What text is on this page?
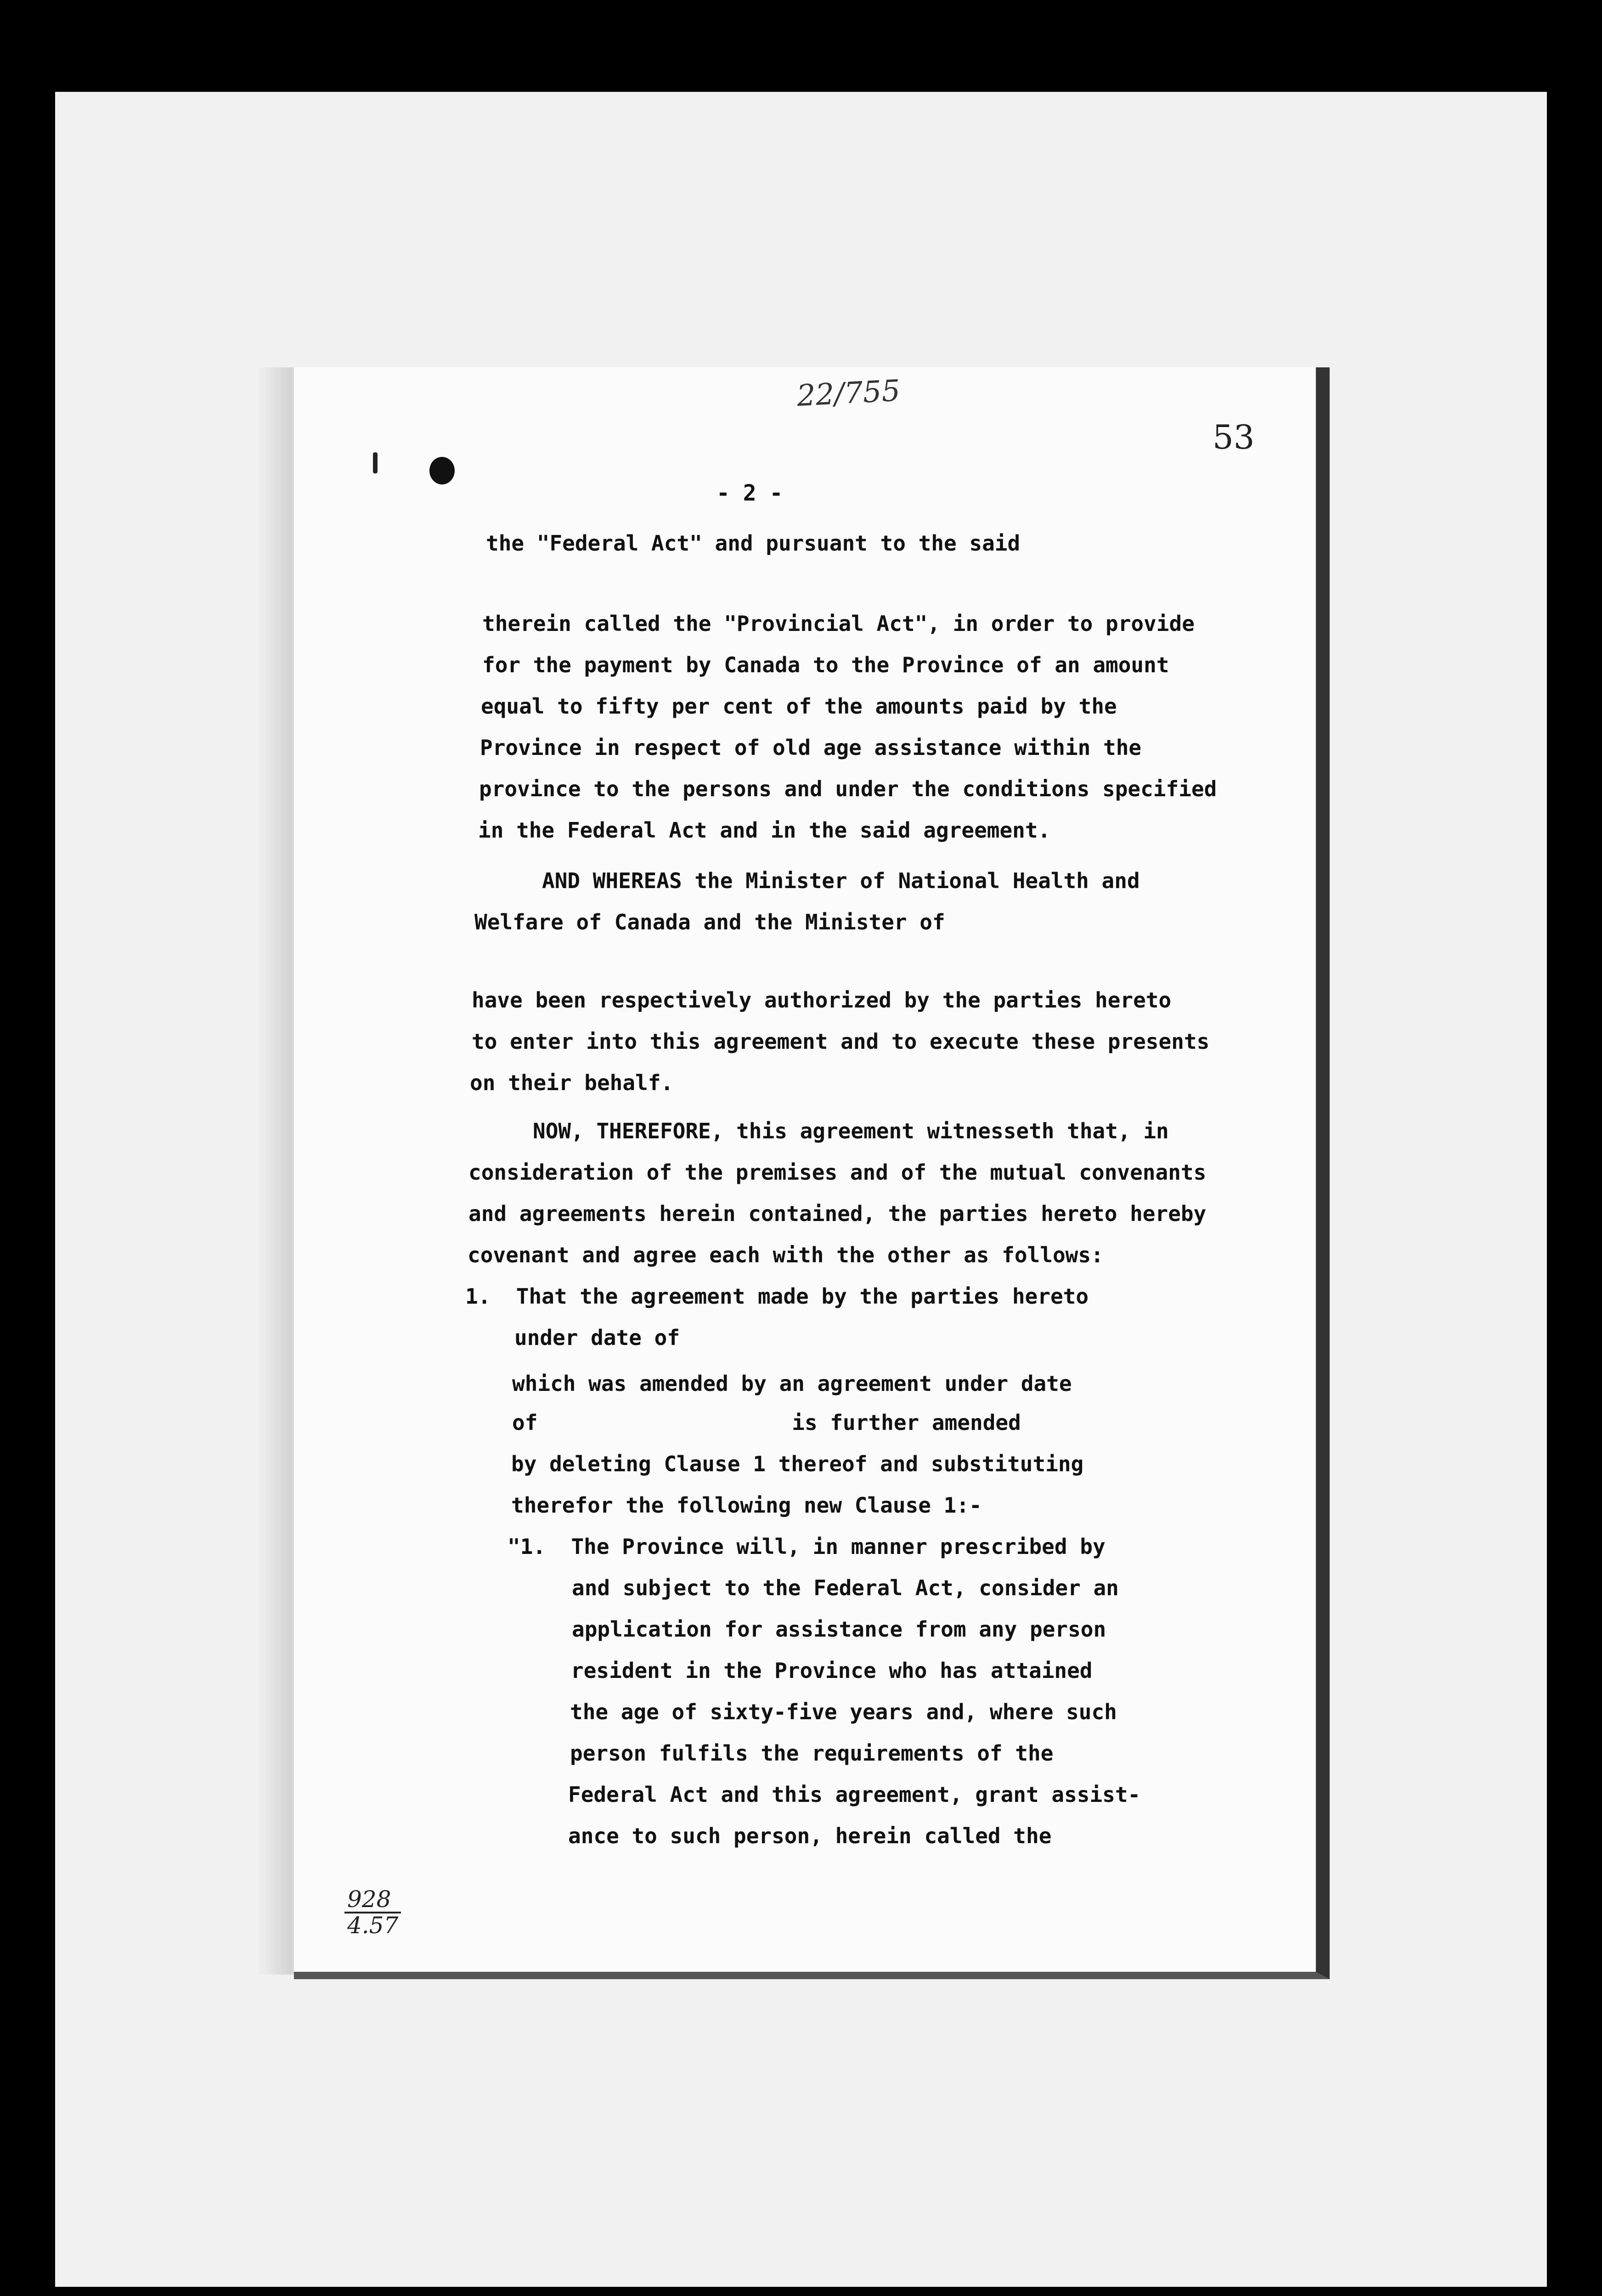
22/755
53
- 2 -
the "Federal Act" and pursuant to the said
therein called the "Provincial Act", in order to provide
for the payment by Canada to the Province of an amount
equal to fifty per cent of the amounts paid by the
Province in respect of old age assistance within the
province to the persons and under the conditions specified
in the Federal Act and in the said agreement.
AND WHEREAS the Minister of National Health and
Welfare of Canada and the Minister of
have been respectively authorized by the parties hereto
to enter into this agreement and to execute these presents
on their behalf.
NOW, THEREFORE, this agreement witnesseth that, in
consideration of the premises and of the mutual convenants
and agreements herein contained, the parties hereto hereby
covenant and agree each with the other as follows:
1.  That the agreement made by the parties hereto
under date of
which was amended by an agreement under date
of                    is further amended
by deleting Clause 1 thereof and substituting
therefor the following new Clause 1:-
"1.  The Province will, in manner prescribed by
and subject to the Federal Act, consider an
application for assistance from any person
resident in the Province who has attained
the age of sixty-five years and, where such
person fulfils the requirements of the
Federal Act and this agreement, grant assist-
ance to such person, herein called the
928
4.57
